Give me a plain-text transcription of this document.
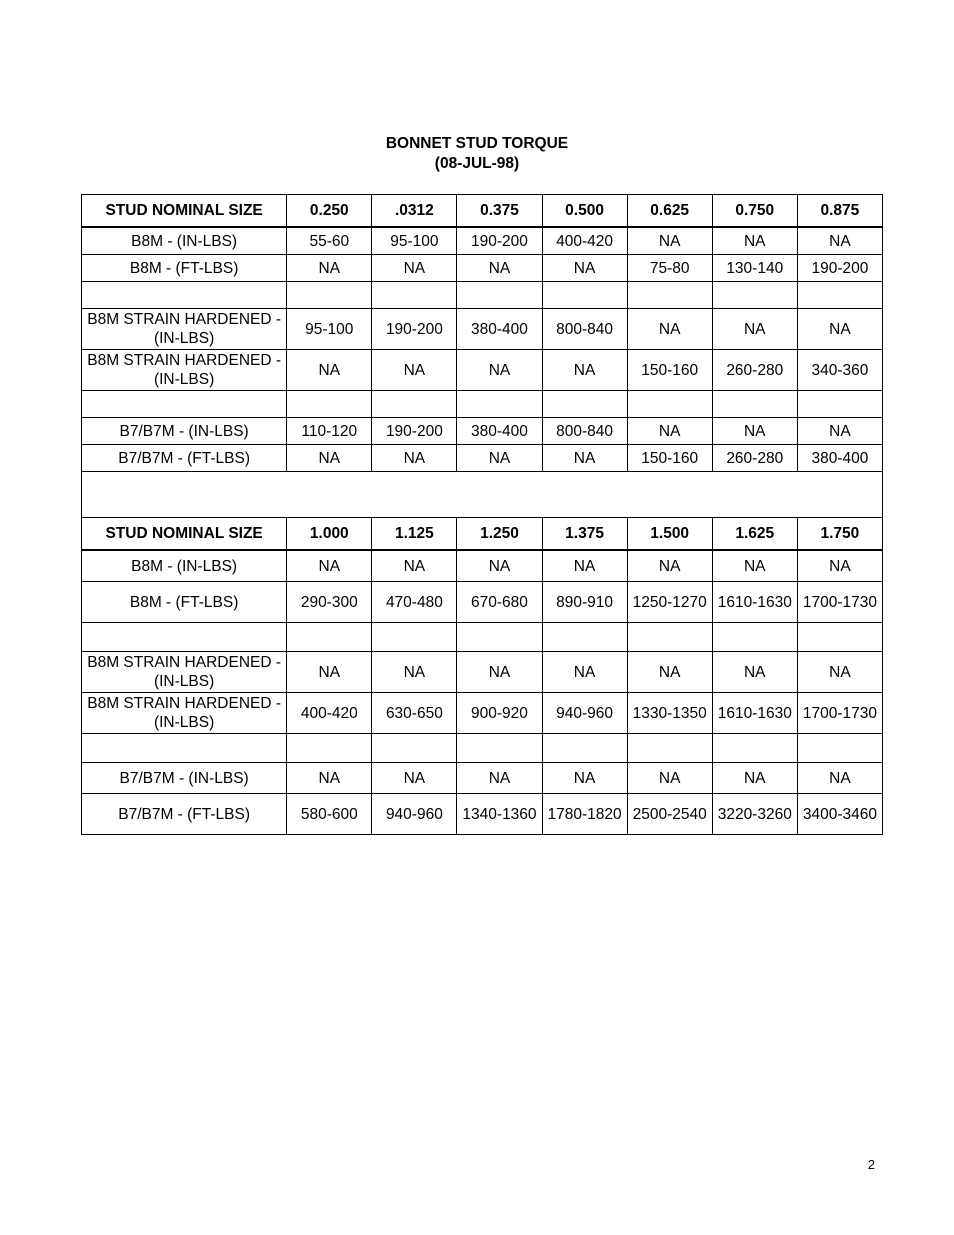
BONNET STUD TORQUE
(08-JUL-98)
STUD NOMINAL SIZE	0.250	.0312	0.375	0.500	0.625	0.750	0.875
B8M - (IN-LBS)	55-60	95-100	190-200	400-420	NA	NA	NA
B8M - (FT-LBS)	NA	NA	NA	NA	75-80	130-140	190-200

B8M STRAIN HARDENED - (IN-LBS)	95-100	190-200	380-400	800-840	NA	NA	NA
B8M STRAIN HARDENED - (IN-LBS)	NA	NA	NA	NA	150-160	260-280	340-360

B7/B7M - (IN-LBS)	110-120	190-200	380-400	800-840	NA	NA	NA
B7/B7M - (FT-LBS)	NA	NA	NA	NA	150-160	260-280	380-400

STUD NOMINAL SIZE	1.000	1.125	1.250	1.375	1.500	1.625	1.750
B8M - (IN-LBS)	NA	NA	NA	NA	NA	NA	NA
B8M - (FT-LBS)	290-300	470-480	670-680	890-910	1250-1270	1610-1630	1700-1730

B8M STRAIN HARDENED - (IN-LBS)	NA	NA	NA	NA	NA	NA	NA
B8M STRAIN HARDENED - (IN-LBS)	400-420	630-650	900-920	940-960	1330-1350	1610-1630	1700-1730

B7/B7M - (IN-LBS)	NA	NA	NA	NA	NA	NA	NA
B7/B7M - (FT-LBS)	580-600	940-960	1340-1360	1780-1820	2500-2540	3220-3260	3400-3460
2
